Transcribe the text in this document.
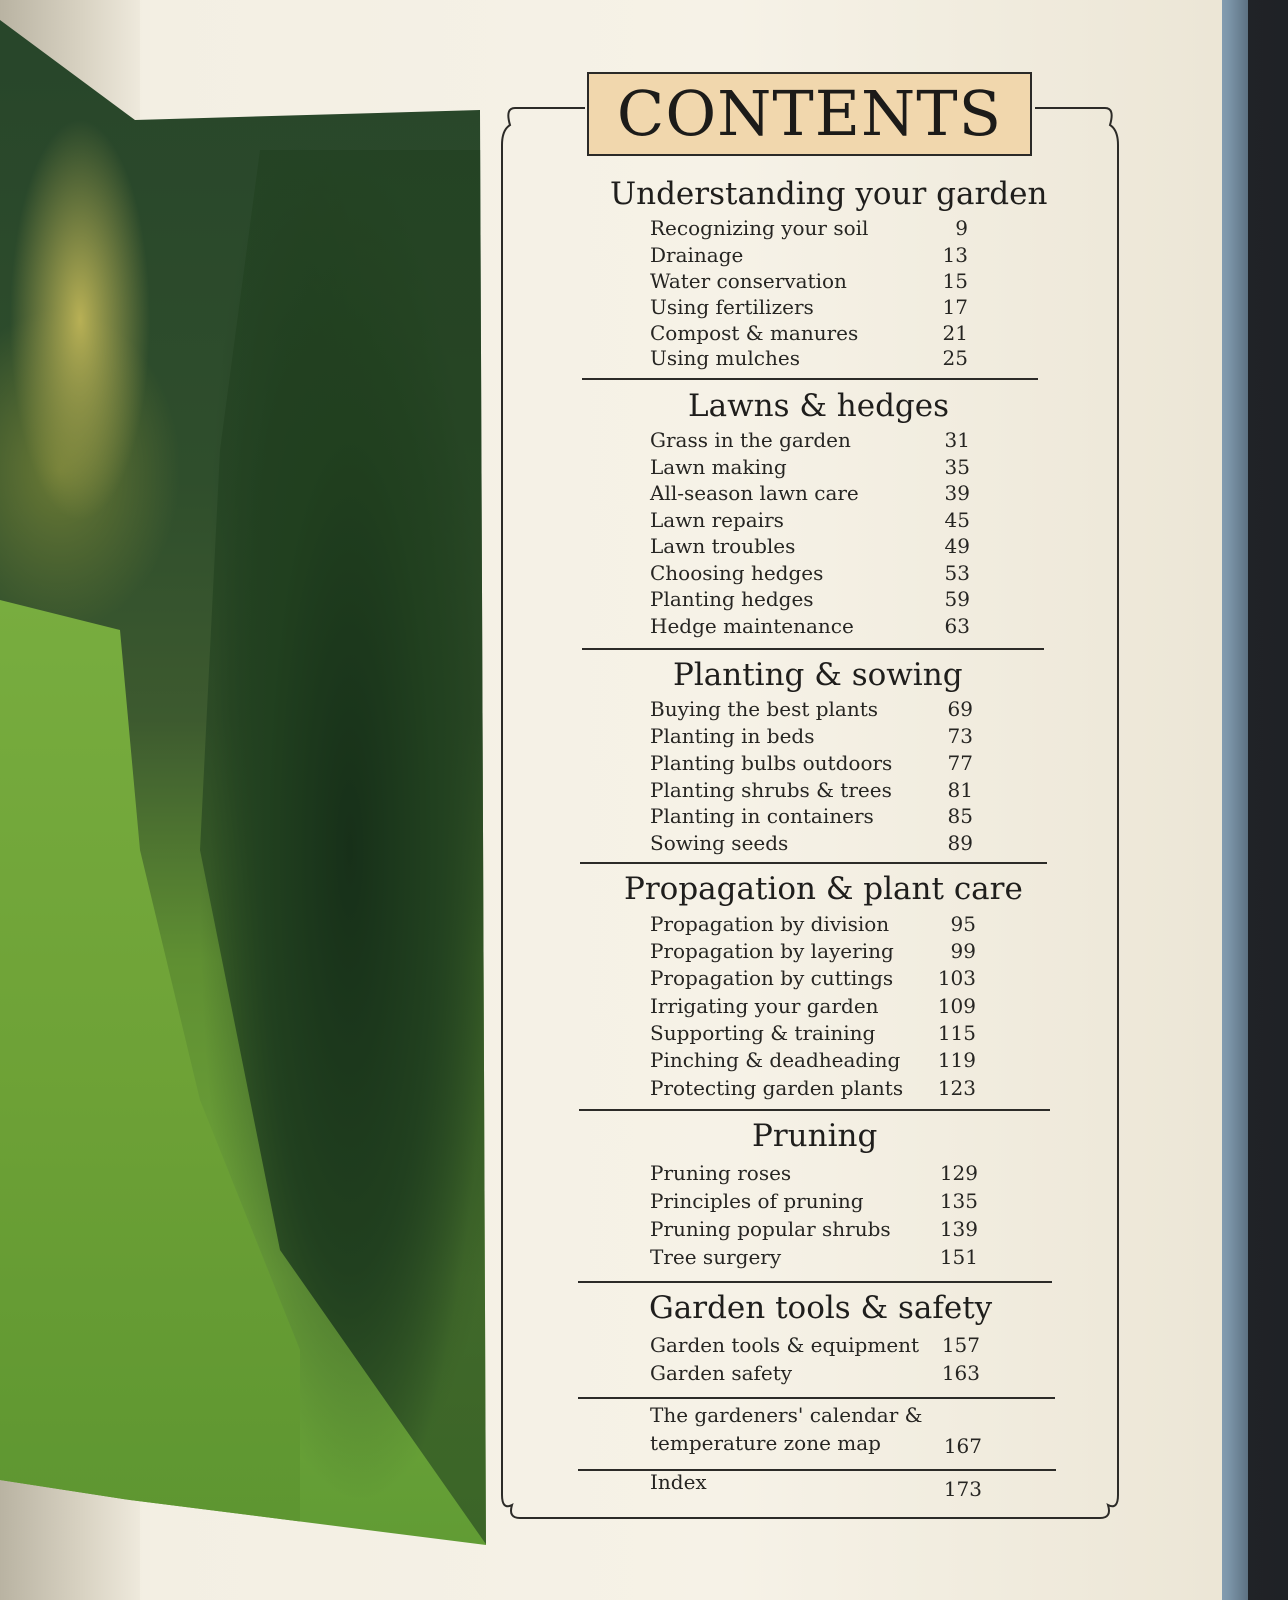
CONTENTS
Understanding your garden
Recognizing your soil	9
Drainage	13
Water conservation	15
Using fertilizers	17
Compost & manures	21
Using mulches	25
Lawns & hedges
Grass in the garden	31
Lawn making	35
All-season lawn care	39
Lawn repairs	45
Lawn troubles	49
Choosing hedges	53
Planting hedges	59
Hedge maintenance	63
Planting & sowing
Buying the best plants	69
Planting in beds	73
Planting bulbs outdoors	77
Planting shrubs & trees	81
Planting in containers	85
Sowing seeds	89
Propagation & plant care
Propagation by division	95
Propagation by layering	99
Propagation by cuttings	103
Irrigating your garden	109
Supporting & training	115
Pinching & deadheading	119
Protecting garden plants	123
Pruning
Pruning roses	129
Principles of pruning	135
Pruning popular shrubs	139
Tree surgery	151
Garden tools & safety
Garden tools & equipment	157
Garden safety	163
The gardeners' calendar &
temperature zone map	167
Index	173
